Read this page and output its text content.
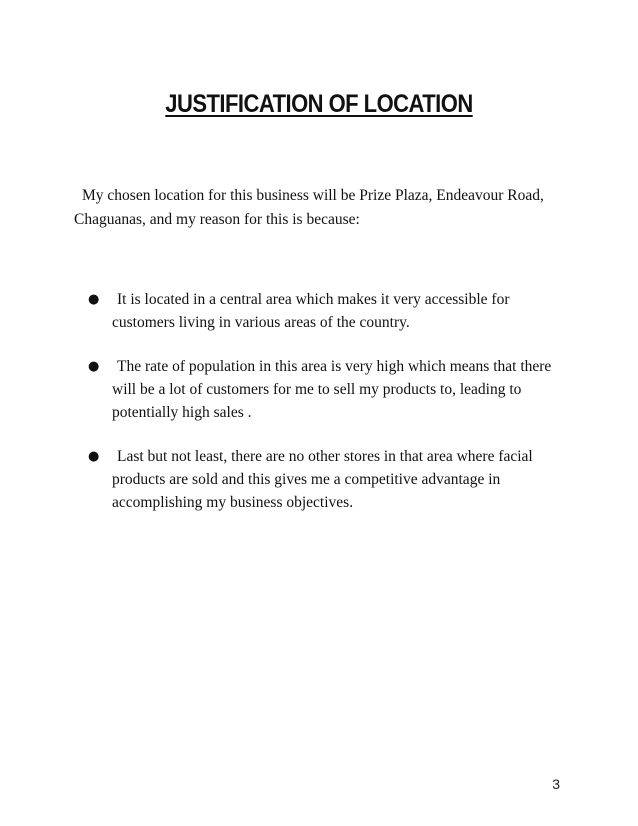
JUSTIFICATION OF LOCATION

My chosen location for this business will be Prize Plaza, Endeavour Road, Chaguanas, and my reason for this is because:

●	It is located in a central area which makes it very accessible for customers living in various areas of the country.
●	The rate of population in this area is very high which means that there will be a lot of customers for me to sell my products to, leading to potentially high sales .
●	Last but not least, there are no other stores in that area where facial products are sold and this gives me a competitive advantage in accomplishing my business objectives.
3
